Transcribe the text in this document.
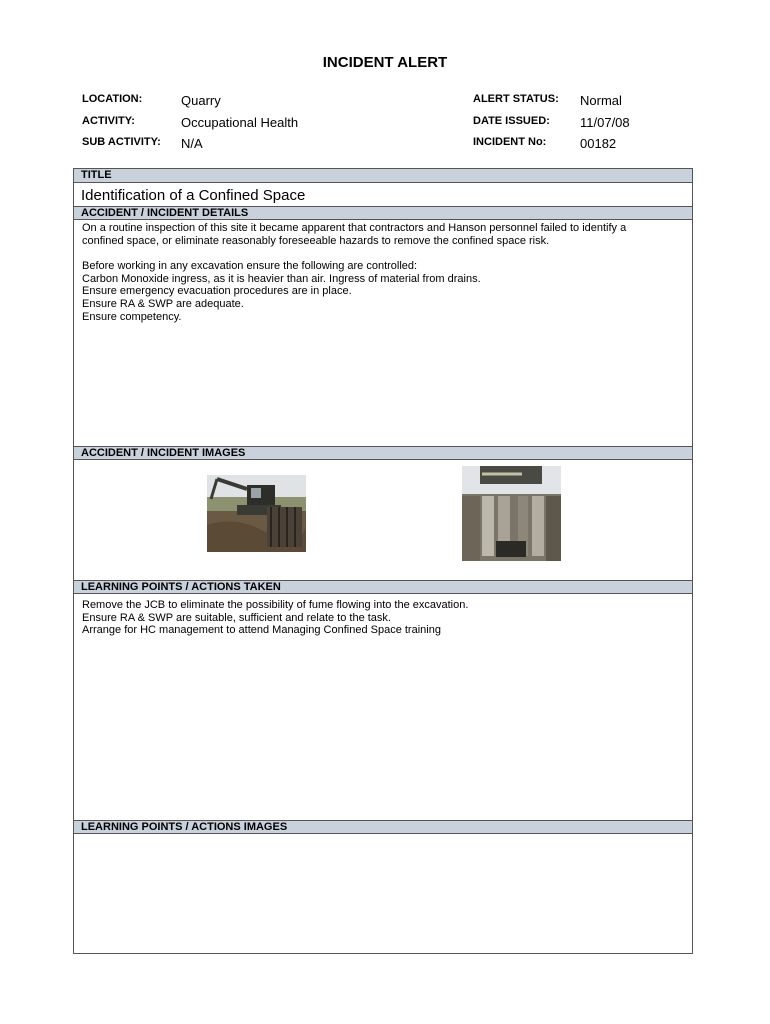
INCIDENT ALERT
LOCATION:	Quarry
ACTIVITY:	Occupational Health
SUB ACTIVITY: N/A
ALERT STATUS: Normal
DATE ISSUED: 11/07/08
INCIDENT No:	00182
TITLE
Identification of a Confined Space
ACCIDENT / INCIDENT DETAILS

On a routine inspection of this site it became apparent that contractors and Hanson personnel failed to identify a

confined space, or eliminate reasonably foreseeable hazards to remove the confined space risk.

Before working in any excavation ensure the following are controlled:

Carbon Monoxide ingress, as it is heavier than air. Ingress of material from drains.

Ensure emergency evacuation procedures are in place.

Ensure RA & SWP are adequate.

Ensure competency.

ACCIDENT / INCIDENT IMAGES
LEARNING POINTS / ACTIONS TAKEN

Remove the JCB to eliminate the possibility of fume flowing into the excavation.

Ensure RA & SWP are suitable, sufficient and relate to the task.

Arrange for HC management to attend Managing Confined Space training

LEARNING POINTS / ACTIONS IMAGES
